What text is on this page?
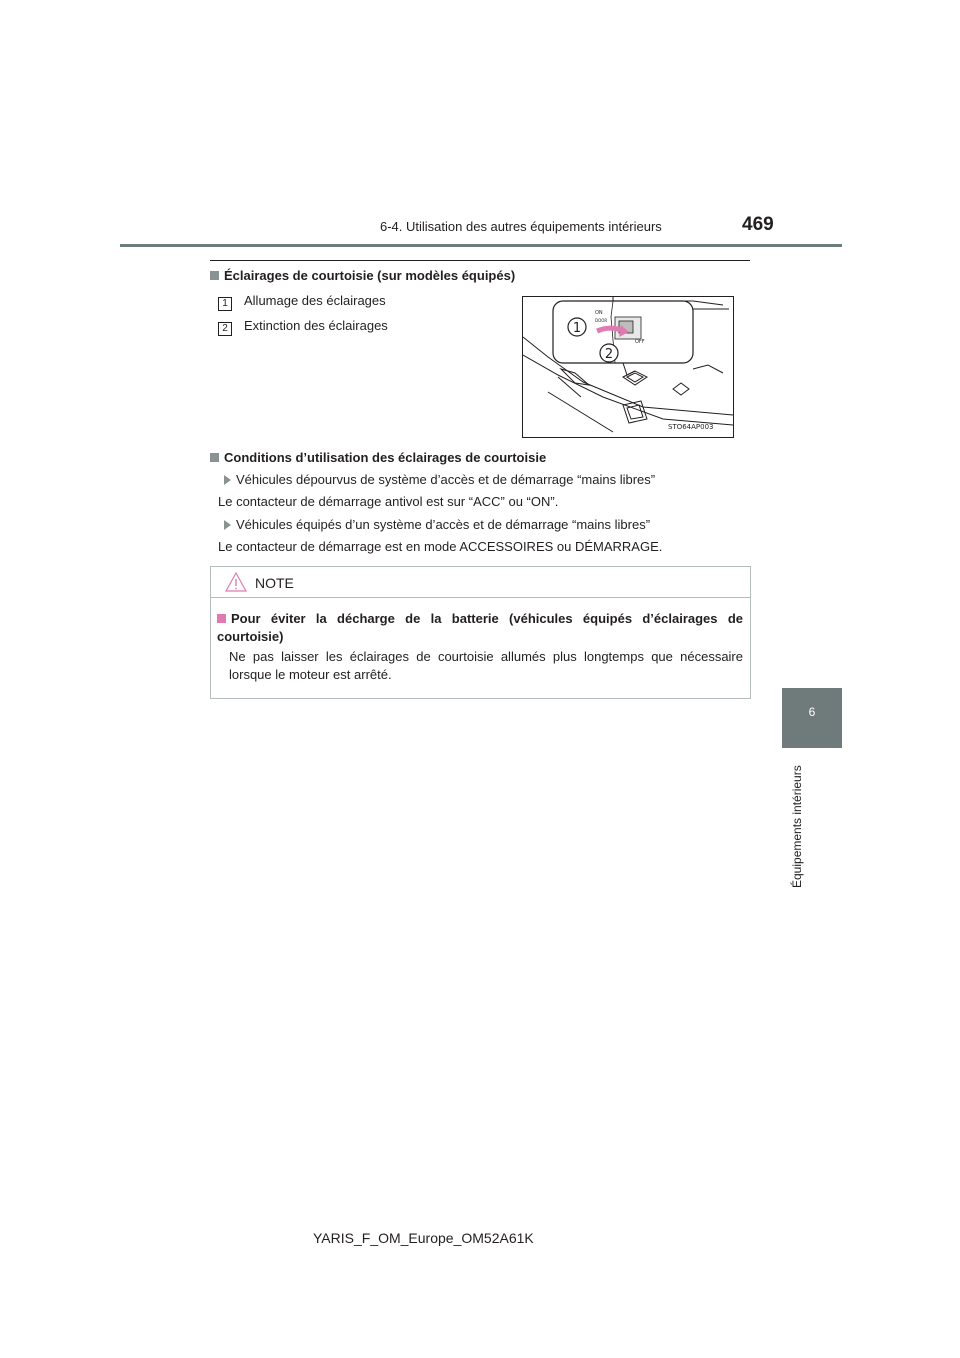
6-4. Utilisation des autres équipements intérieurs	469
6
Équipements intérieurs
Éclairages de courtoisie (sur modèles équipés)
1 Allumage des éclairages
2 Extinction des éclairages
ON
DOOR
OFF
1
2
STO64AP003
Conditions d’utilisation des éclairages de courtoisie
Véhicules dépourvus de système d’accès et de démarrage “mains libres”
Le contacteur de démarrage antivol est sur “ACC” ou “ON”.
Véhicules équipés d’un système d’accès et de démarrage “mains libres”
Le contacteur de démarrage est en mode ACCESSOIRES ou DÉMARRAGE.
NOTE
Pour éviter la décharge de la batterie (véhicules équipés d’éclairages de courtoisie)
Ne pas laisser les éclairages de courtoisie allumés plus longtemps que nécessaire lorsque le moteur est arrêté.
YARIS_F_OM_Europe_OM52A61K
